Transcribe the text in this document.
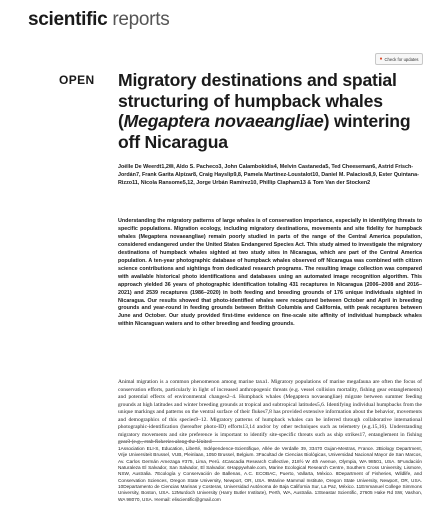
scientific reports
● Check for updates
OPEN Migratory destinations and spatial structuring of humpback whales (Megaptera novaeangliae) wintering off Nicaragua
Joëlle De Weerdt1,2✉, Aldo S. Pacheco3, John Calambokidis4, Melvin Castaneda5, Ted Cheeseman6, Astrid Frisch-Jordán7, Frank Garita Alpízar8, Craig Hayslip9,8, Pamela Martínez-Loustalot10, Daniel M. Palacios8,9, Ester Quintana-Rizzo11, Nicola Ransome5,12, Jorge Urbán Ramírez10, Phillip Clapham13 & Tom Van der Stocken2

Understanding the migratory patterns of large whales is of conservation importance, especially in identifying threats to specific populations. Migration ecology, including migratory destinations, movements and site fidelity for humpback whales (Megaptera novaeangliae) remain poorly studied in parts of the range of the Central America population, considered endangered under the United States Endangered Species Act. This study aimed to investigate the migratory destinations of humpback whales sighted at two study sites in Nicaragua, which are part of the Central America population. A ten-year photographic database of humpback whales observed off Nicaragua was combined with citizen science contributions and sightings from dedicated research programs. The resulting image collection was compared with available historical photo identifications and databases using an automated image recognition algorithm. This approach yielded 36 years of photographic identification totaling 431 recaptures in Nicaragua (2006–2008 and 2016–2021) and 2539 recaptures (1986–2020) in both feeding and breeding grounds of 176 unique individuals sighted in Nicaragua. Our results showed that photo-identified whales were recaptured between October and April in breeding grounds and year-round in feeding grounds between British Columbia and California, with peak recaptures between June and October. Our study provided first-time evidence on fine-scale site affinity of individual humpback whales within Nicaraguan waters and to other breeding and feeding grounds.

Animal migration is a common phenomenon among marine taxa1. Migratory populations of marine megafauna are often the focus of conservation efforts, particularly in light of increased anthropogenic threats (e.g. vessel collision mortality, fishing gear entanglements) and potential effects of environmental changes2–4. Humpback whales (Megaptera novaeangliae) migrate between summer feeding grounds at high latitudes and winter breeding grounds at tropical and subtropical latitudes5,6. Identifying individual humpbacks from the unique markings and patterns on the ventral surface of their flukes7,8 has provided extensive information about the behavior, movements and demographics of this species9–12. Migratory patterns of humpback whales can be inferred through collaborative international photographic-identification (hereafter photo-ID) efforts13,14 and/or by other techniques such as telemetry (e.g.15,16). Understanding migratory movements and site preference is important to identify site-specific threats such as ship strikes17, entanglement in fishing gear3 (e.g., crab fisheries along the United

1Association ELI-S, Education, Liberté, Indépendence-Scientifique, Allée de Verdalle 39, 33470 Gujan-Mestras, France. 2Biology Department, Vrije Universiteit Brussel, VUB, Pleinlaan, 1050 Brussel, Belgium. 3Facultad de Ciencias Biológicas, Universidad Nacional Mayor de San Marcos, Av. Carlos Germán Amezaga #375, Lima, Perú. 4Cascadia Research Collective, 218½ W 4th Avenue, Olympia, WA 98501, USA. 5Fundación Naturaleza El Salvador, San Salvador, El Salvador. 6Happywhale.com, Marine Ecological Research Centre, Southern Cross University, Lismore, NSW, Australia. 7Ecología y Conservación de Ballenas, A.C. ECOBAC, Puerto, Vallarta, México. 8Department of Fisheries, Wildlife, and Conservation Sciences, Oregon State University, Newport, OR, USA. 9Marine Mammal Institute, Oregon State University, Newport, OR, USA. 10Departamento de Ciencias Marinas y Costeras, Universidad Autónoma de Baja California Sur, La Paz, México. 11Emmanuel College Simmons University, Boston, USA. 12Murdoch University (Harry Butler Institute), Perth, WA, Australia. 13Seastar Scientific, 27605 Hake Rd SW, Vashon, WA 98070, USA. ✉email: eliscientific@gmail.com
